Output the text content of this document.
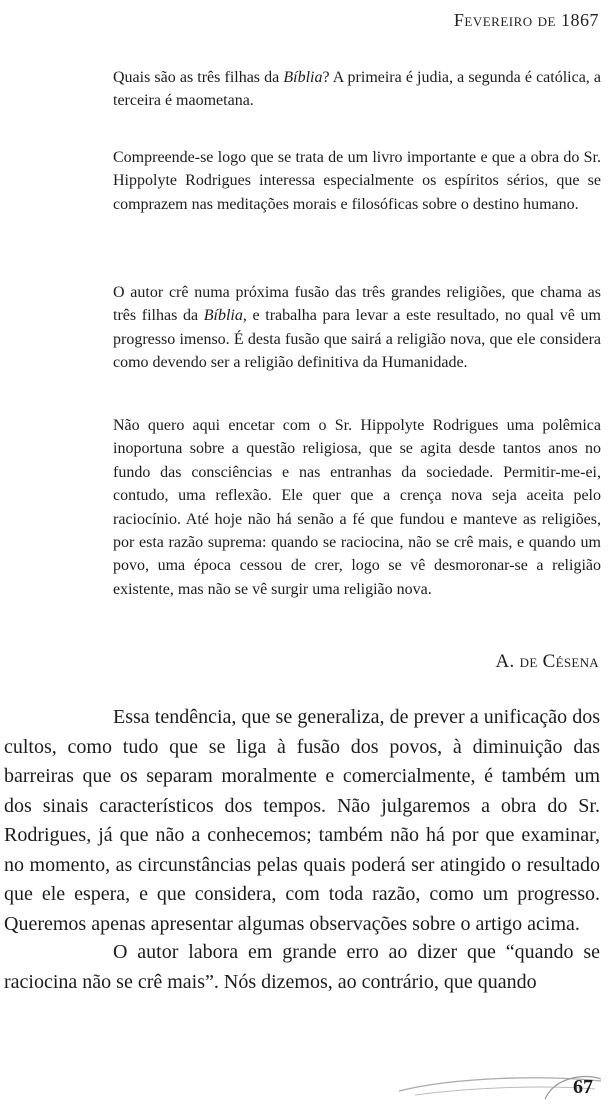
Fevereiro de 1867

Quais são as três filhas da Bíblia? A primeira é judia, a segunda é católica, a terceira é maometana.

Compreende-se logo que se trata de um livro importante e que a obra do Sr. Hippolyte Rodrigues interessa especialmente os espíritos sérios, que se comprazem nas meditações morais e filosóficas sobre o destino humano.

O autor crê numa próxima fusão das três grandes religiões, que chama as três filhas da Bíblia, e trabalha para levar a este resultado, no qual vê um progresso imenso. É desta fusão que sairá a religião nova, que ele considera como devendo ser a religião definitiva da Humanidade.

Não quero aqui encetar com o Sr. Hippolyte Rodrigues uma polêmica inoportuna sobre a questão religiosa, que se agita desde tantos anos no fundo das consciências e nas entranhas da sociedade. Permitir-me-ei, contudo, uma reflexão. Ele quer que a crença nova seja aceita pelo raciocínio. Até hoje não há senão a fé que fundou e manteve as religiões, por esta razão suprema: quando se raciocina, não se crê mais, e quando um povo, uma época cessou de crer, logo se vê desmoronar-se a religião existente, mas não se vê surgir uma religião nova.

A. de Césena

Essa tendência, que se generaliza, de prever a unificação dos cultos, como tudo que se liga à fusão dos povos, à diminuição das barreiras que os separam moralmente e comercialmente, é também um dos sinais característicos dos tempos. Não julgaremos a obra do Sr. Rodrigues, já que não a conhecemos; também não há por que examinar, no momento, as circunstâncias pelas quais poderá ser atingido o resultado que ele espera, e que considera, com toda razão, como um progresso. Queremos apenas apresentar algumas observações sobre o artigo acima.

O autor labora em grande erro ao dizer que “quando se raciocina não se crê mais”. Nós dizemos, ao contrário, que quando

67
